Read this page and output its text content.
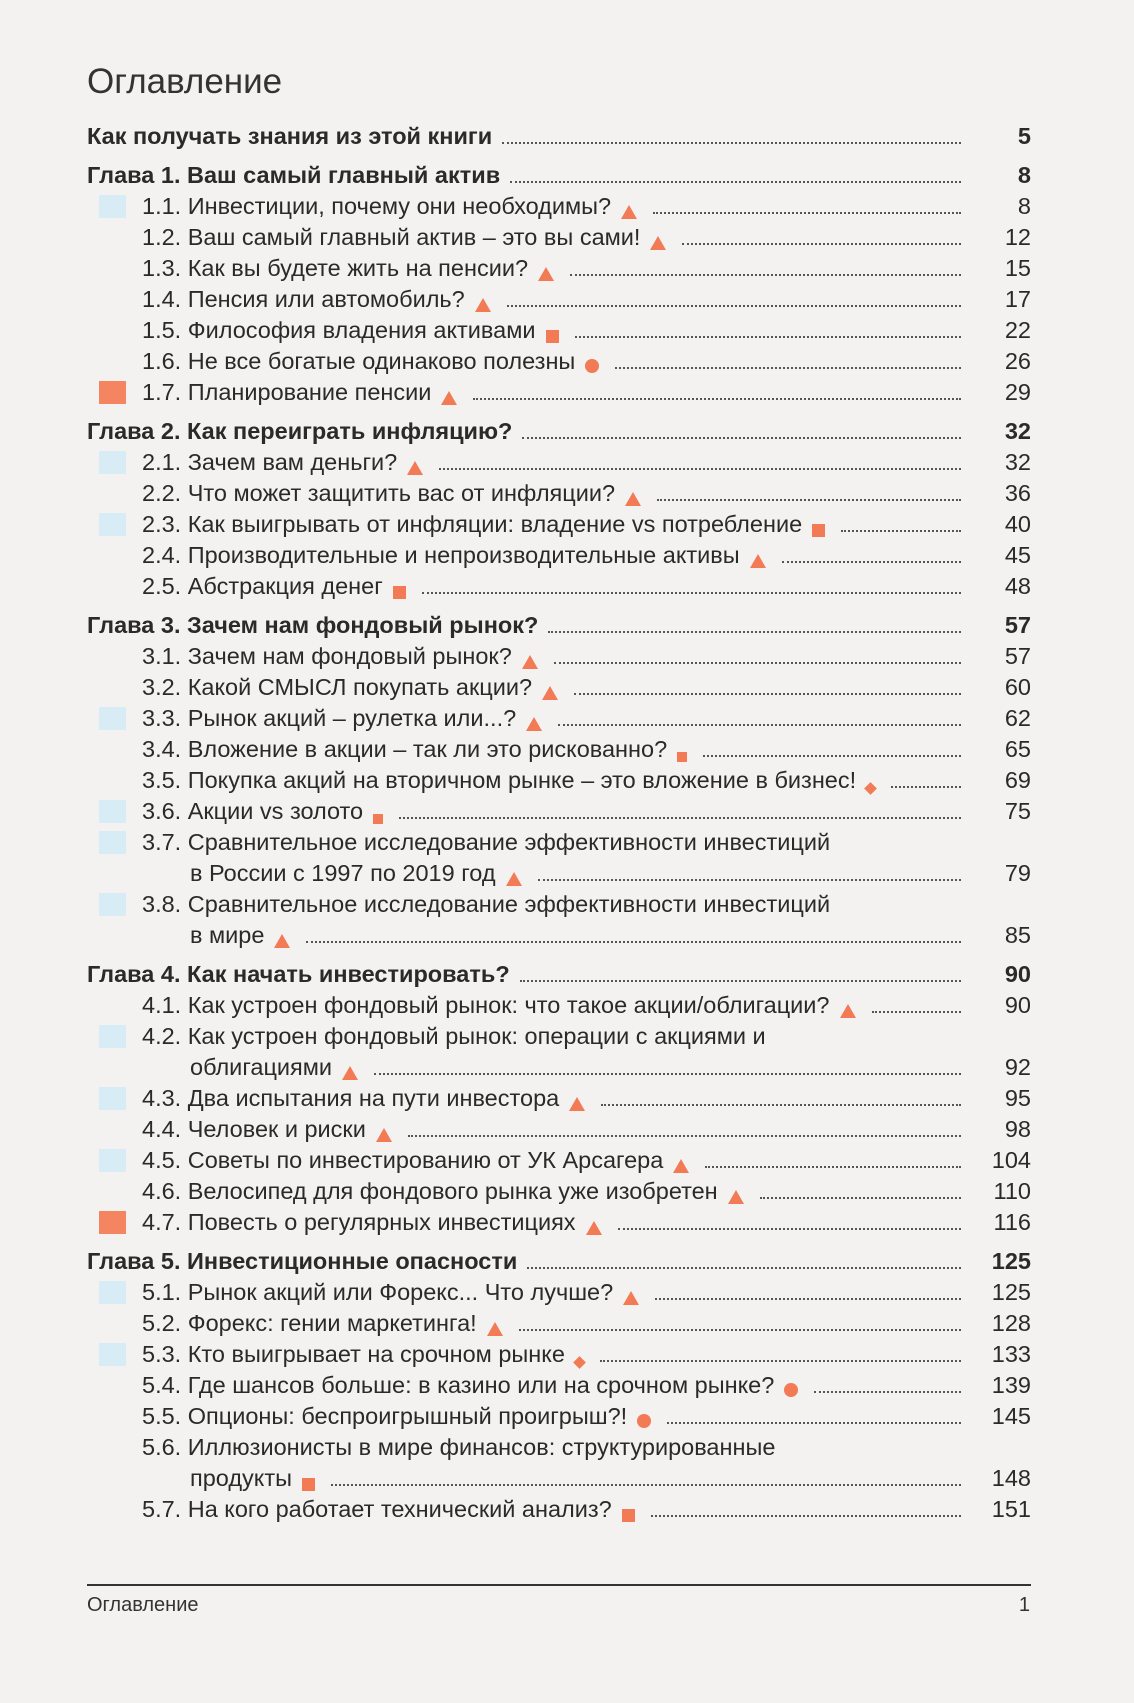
Оглавление
Как получать знания из этой книги	5
Глава 1. Ваш самый главный актив	8
1.1. Инвестиции, почему они необходимы?	8
1.2. Ваш самый главный актив – это вы сами!	12
1.3. Как вы будете жить на пенсии?	15
1.4. Пенсия или автомобиль?	17
1.5. Философия владения активами	22
1.6. Не все богатые одинаково полезны	26
1.7. Планирование пенсии	29
Глава 2. Как переиграть инфляцию?	32
2.1. Зачем вам деньги?	32
2.2. Что может защитить вас от инфляции?	36
2.3. Как выигрывать от инфляции: владение vs потребление	40
2.4. Производительные и непроизводительные активы	45
2.5. Абстракция денег	48
Глава 3. Зачем нам фондовый рынок?	57
3.1. Зачем нам фондовый рынок?	57
3.2. Какой СМЫСЛ покупать акции?	60
3.3. Рынок акций – рулетка или...?	62
3.4. Вложение в акции – так ли это рискованно?	65
3.5. Покупка акций на вторичном рынке – это вложение в бизнес!	69
3.6. Акции vs золото	75
3.7. Сравнительное исследование эффективности инвестиций
в России с 1997 по 2019 год	79
3.8. Сравнительное исследование эффективности инвестиций
в мире	85
Глава 4. Как начать инвестировать?	90
4.1. Как устроен фондовый рынок: что такое акции/облигации?	90
4.2. Как устроен фондовый рынок: операции с акциями и
облигациями	92
4.3. Два испытания на пути инвестора	95
4.4. Человек и риски	98
4.5. Советы по инвестированию от УК Арсагера	104
4.6. Велосипед для фондового рынка уже изобретен	110
4.7. Повесть о регулярных инвестициях	116
Глава 5. Инвестиционные опасности	125
5.1. Рынок акций или Форекс... Что лучше?	125
5.2. Форекс: гении маркетинга!	128
5.3. Кто выигрывает на срочном рынке	133
5.4. Где шансов больше: в казино или на срочном рынке?	139
5.5. Опционы: беспроигрышный проигрыш?!	145
5.6. Иллюзионисты в мире финансов: структурированные
продукты	148
5.7. На кого работает технический анализ?	151
Оглавление	1
